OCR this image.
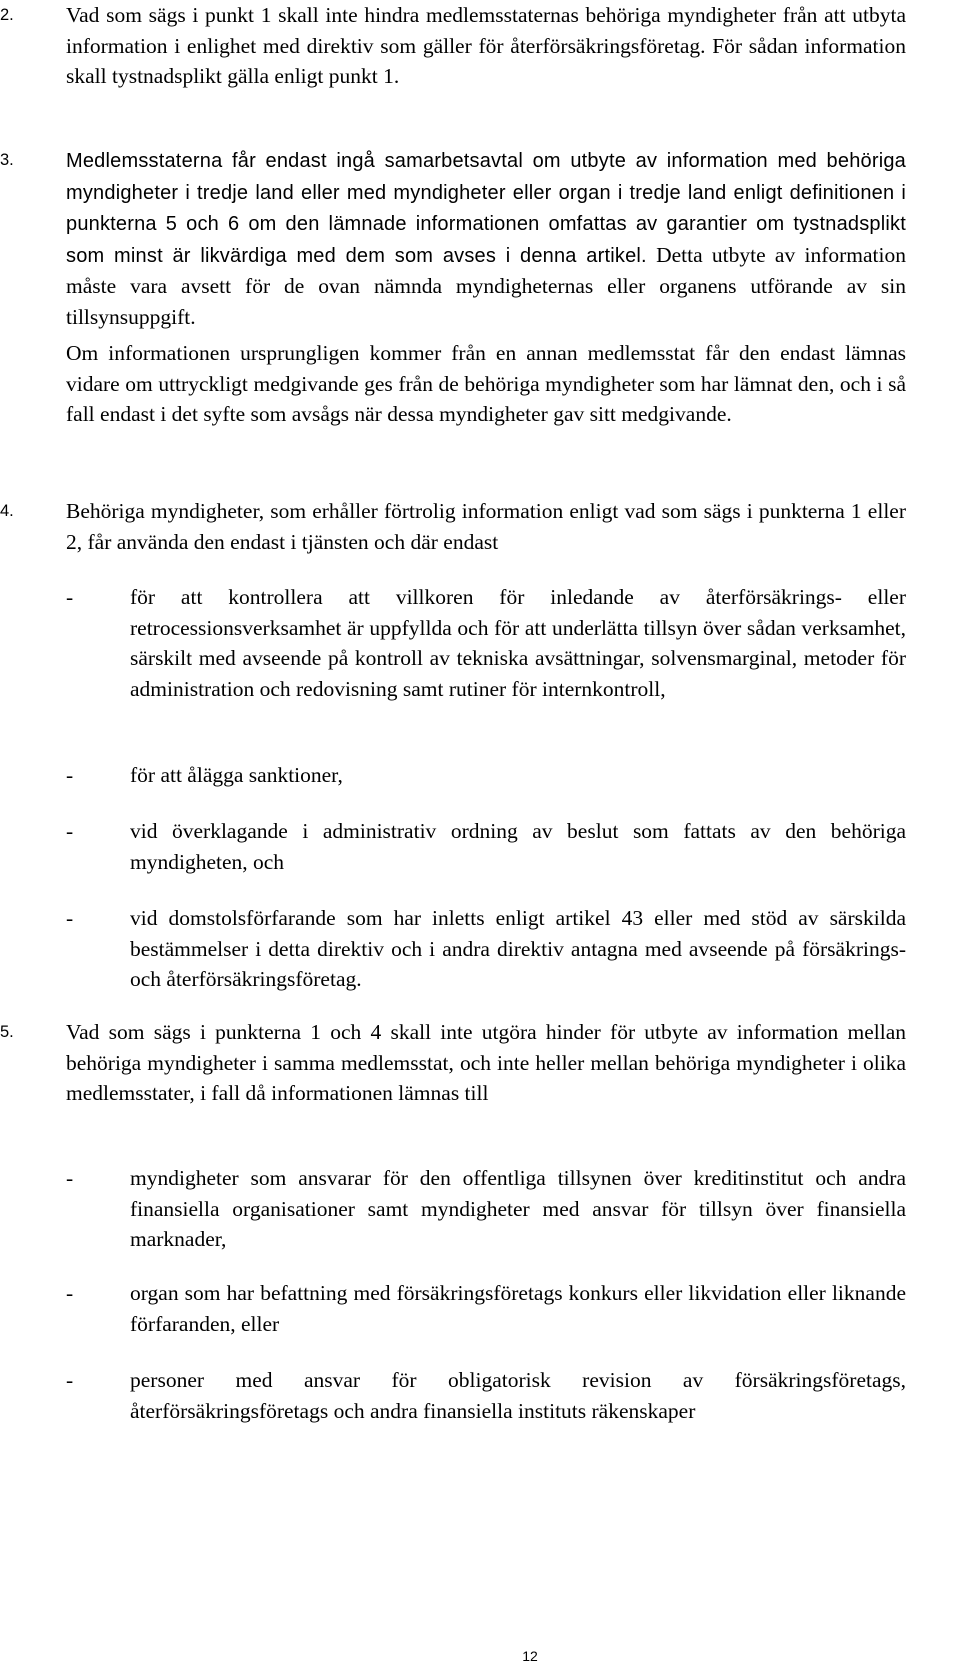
2.	Vad som sägs i punkt 1 skall inte hindra medlemsstaternas behöriga myndigheter från att utbyta information i enlighet med direktiv som gäller för återförsäkringsföretag. För sådan information skall tystnadsplikt gälla enligt punkt 1.
3.	Medlemsstaterna får endast ingå samarbetsavtal om utbyte av information med behöriga myndigheter i tredje land eller med myndigheter eller organ i tredje land enligt definitionen i punkterna 5 och 6 om den lämnade informationen omfattas av garantier om tystnadsplikt som minst är likvärdiga med dem som avses i denna artikel. Detta utbyte av information måste vara avsett för de ovan nämnda myndigheternas eller organens utförande av sin tillsynsuppgift.
Om informationen ursprungligen kommer från en annan medlemsstat får den endast lämnas vidare om uttryckligt medgivande ges från de behöriga myndigheter som har lämnat den, och i så fall endast i det syfte som avsågs när dessa myndigheter gav sitt medgivande.
4.	Behöriga myndigheter, som erhåller förtrolig information enligt vad som sägs i punkterna 1 eller 2, får använda den endast i tjänsten och där endast
-	för att kontrollera att villkoren för inledande av återförsäkrings- eller retrocessionsverksamhet är uppfyllda och för att underlätta tillsyn över sådan verksamhet, särskilt med avseende på kontroll av tekniska avsättningar, solvensmarginal, metoder för administration och redovisning samt rutiner för internkontroll,
-	för att ålägga sanktioner,
-	vid överklagande i administrativ ordning av beslut som fattats av den behöriga myndigheten, och
-	vid domstolsförfarande som har inletts enligt artikel 43 eller med stöd av särskilda bestämmelser i detta direktiv och i andra direktiv antagna med avseende på försäkrings- och återförsäkringsföretag.
5.	Vad som sägs i punkterna 1 och 4 skall inte utgöra hinder för utbyte av information mellan behöriga myndigheter i samma medlemsstat, och inte heller mellan behöriga myndigheter i olika medlemsstater, i fall då informationen lämnas till
-	myndigheter som ansvarar för den offentliga tillsynen över kreditinstitut och andra finansiella organisationer samt myndigheter med ansvar för tillsyn över finansiella marknader,
-	organ som har befattning med försäkringsföretags konkurs eller likvidation eller liknande förfaranden, eller
-	personer med ansvar för obligatorisk revision av försäkringsföretags, återförsäkringsföretags och andra finansiella instituts räkenskaper
12
